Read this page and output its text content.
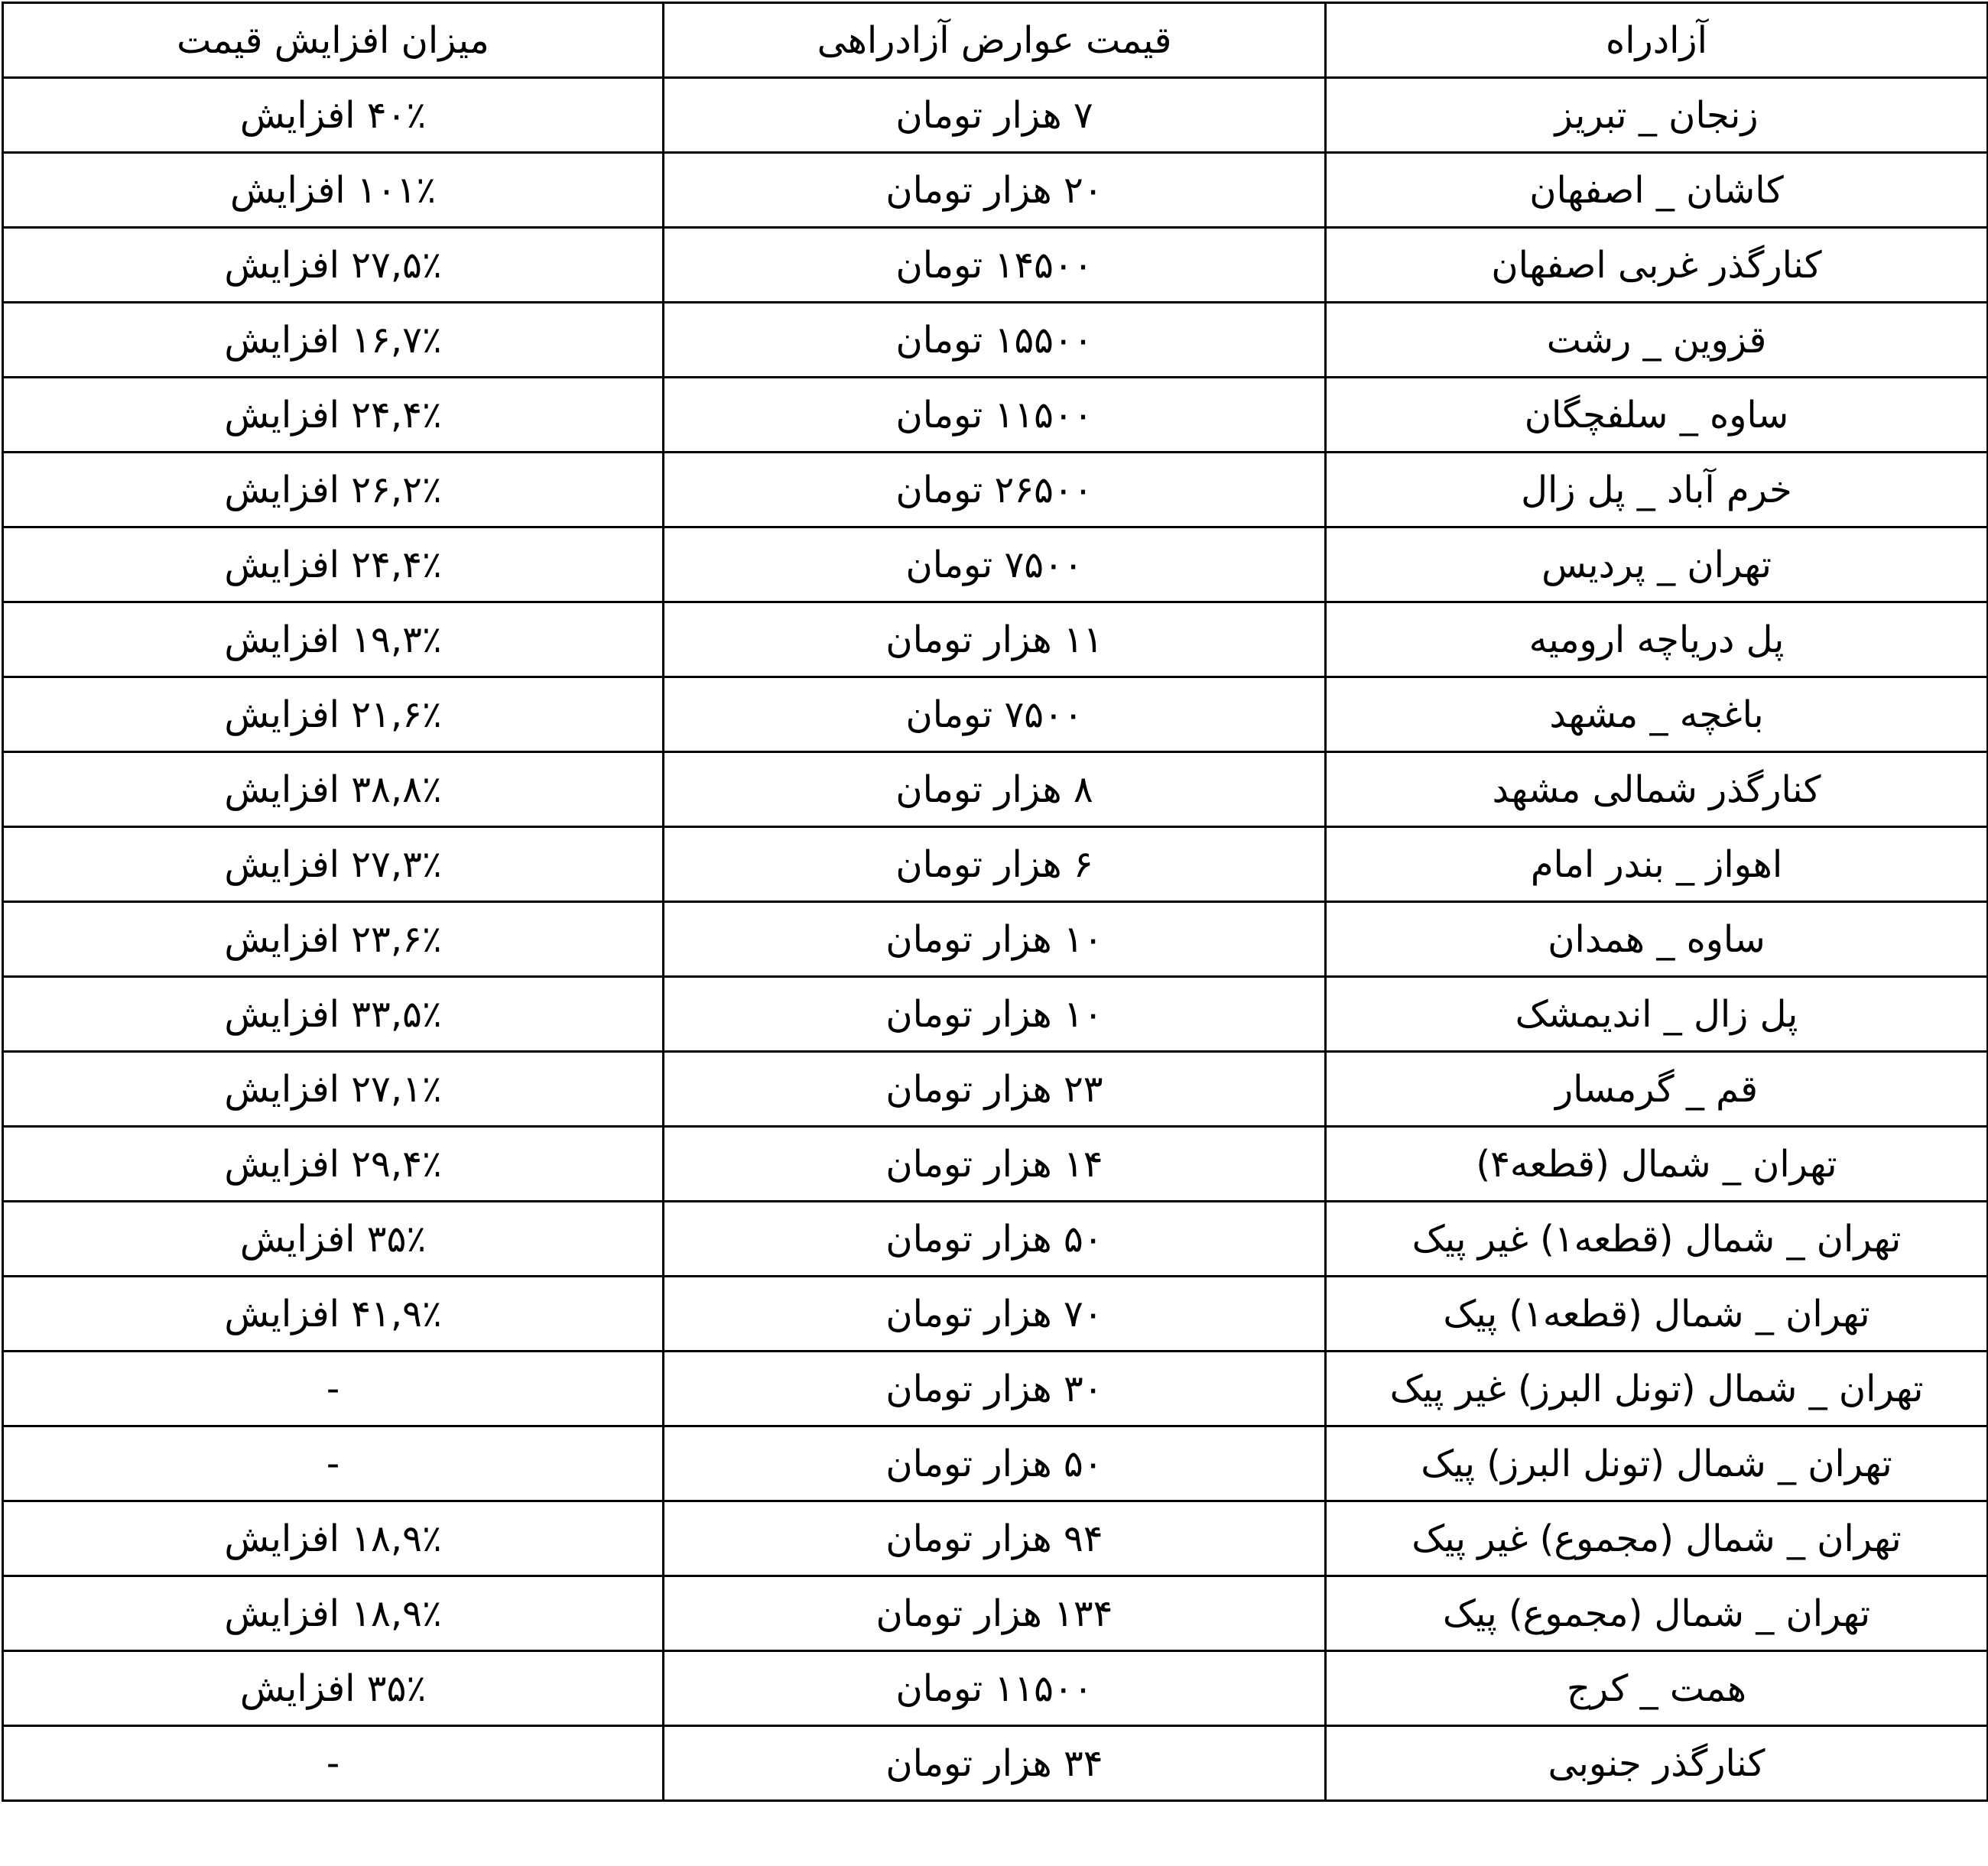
آزادراه	قیمت عوارض آزادراهی	میزان افزایش قیمت
زنجان _ تبریز	۷ هزار تومان	۴۰٪ افزایش
کاشان _ اصفهان	۲۰ هزار تومان	۱۰۱٪ افزایش
کنارگذر غربی اصفهان	۱۴۵۰۰ تومان	۲۷,۵٪ افزایش
قزوین _ رشت	۱۵۵۰۰ تومان	۱۶,۷٪ افزایش
ساوه _ سلفچگان	۱۱۵۰۰ تومان	۲۴,۴٪ افزایش
خرم آباد _ پل زال	۲۶۵۰۰ تومان	۲۶,۲٪ افزایش
تهران _ پردیس	۷۵۰۰ تومان	۲۴,۴٪ افزایش
پل دریاچه ارومیه	۱۱ هزار تومان	۱۹,۳٪ افزایش
باغچه _ مشهد	۷۵۰۰ تومان	۲۱,۶٪ افزایش
کنارگذر شمالی مشهد	۸ هزار تومان	۳۸,۸٪ افزایش
اهواز _ بندر امام	۶ هزار تومان	۲۷,۳٪ افزایش
ساوه _ همدان	۱۰ هزار تومان	۲۳,۶٪ افزایش
پل زال _ اندیمشک	۱۰ هزار تومان	۳۳,۵٪ افزایش
قم _ گرمسار	۲۳ هزار تومان	۲۷,۱٪ افزایش
تهران _ شمال (قطعه۴)	۱۴ هزار تومان	۲۹,۴٪ افزایش
تهران _ شمال (قطعه۱) غیر پیک	۵۰ هزار تومان	۳۵٪ افزایش
تهران _ شمال (قطعه۱) پیک	۷۰ هزار تومان	۴۱,۹٪ افزایش
تهران _ شمال (تونل البرز) غیر پیک	۳۰ هزار تومان	-
تهران _ شمال (تونل البرز) پیک	۵۰ هزار تومان	-
تهران _ شمال (مجموع) غیر پیک	۹۴ هزار تومان	۱۸,۹٪ افزایش
تهران _ شمال (مجموع) پیک	۱۳۴ هزار تومان	۱۸,۹٪ افزایش
همت _ کرج	۱۱۵۰۰ تومان	۳۵٪ افزایش
کنارگذر جنوبی	۳۴ هزار تومان	-
